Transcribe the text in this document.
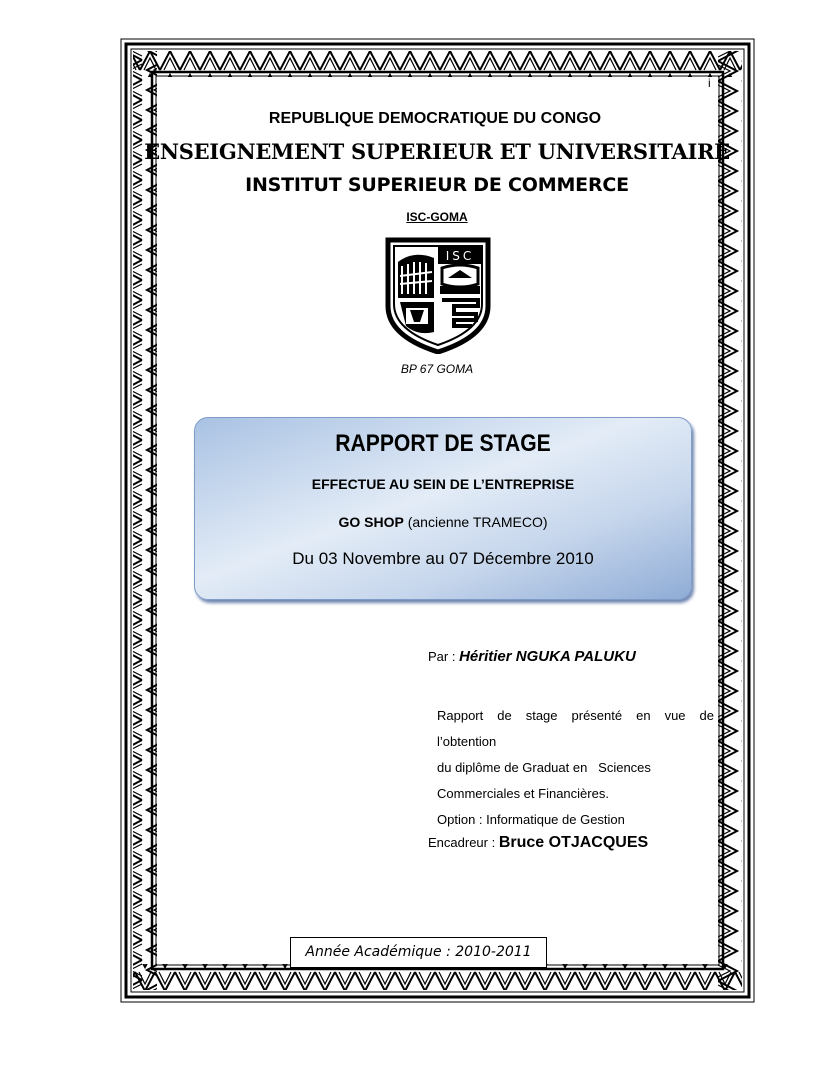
i
REPUBLIQUE DEMOCRATIQUE DU CONGO
ENSEIGNEMENT SUPERIEUR ET UNIVERSITAIRE
INSTITUT SUPERIEUR DE COMMERCE
ISC-GOMA
ISC
BP 67 GOMA
RAPPORT DE STAGE
EFFECTUE AU SEIN DE L’ENTREPRISE
GO SHOP (ancienne TRAMECO)
Du 03 Novembre au 07 Décembre 2010
Par : Héritier NGUKA PALUKU
Rapport de stage présenté en vue de l’obtention
du diplôme de Graduat en   Sciences
Commerciales et Financières.
Option : Informatique de Gestion
Encadreur : Bruce OTJACQUES
Année Académique : 2010-2011
